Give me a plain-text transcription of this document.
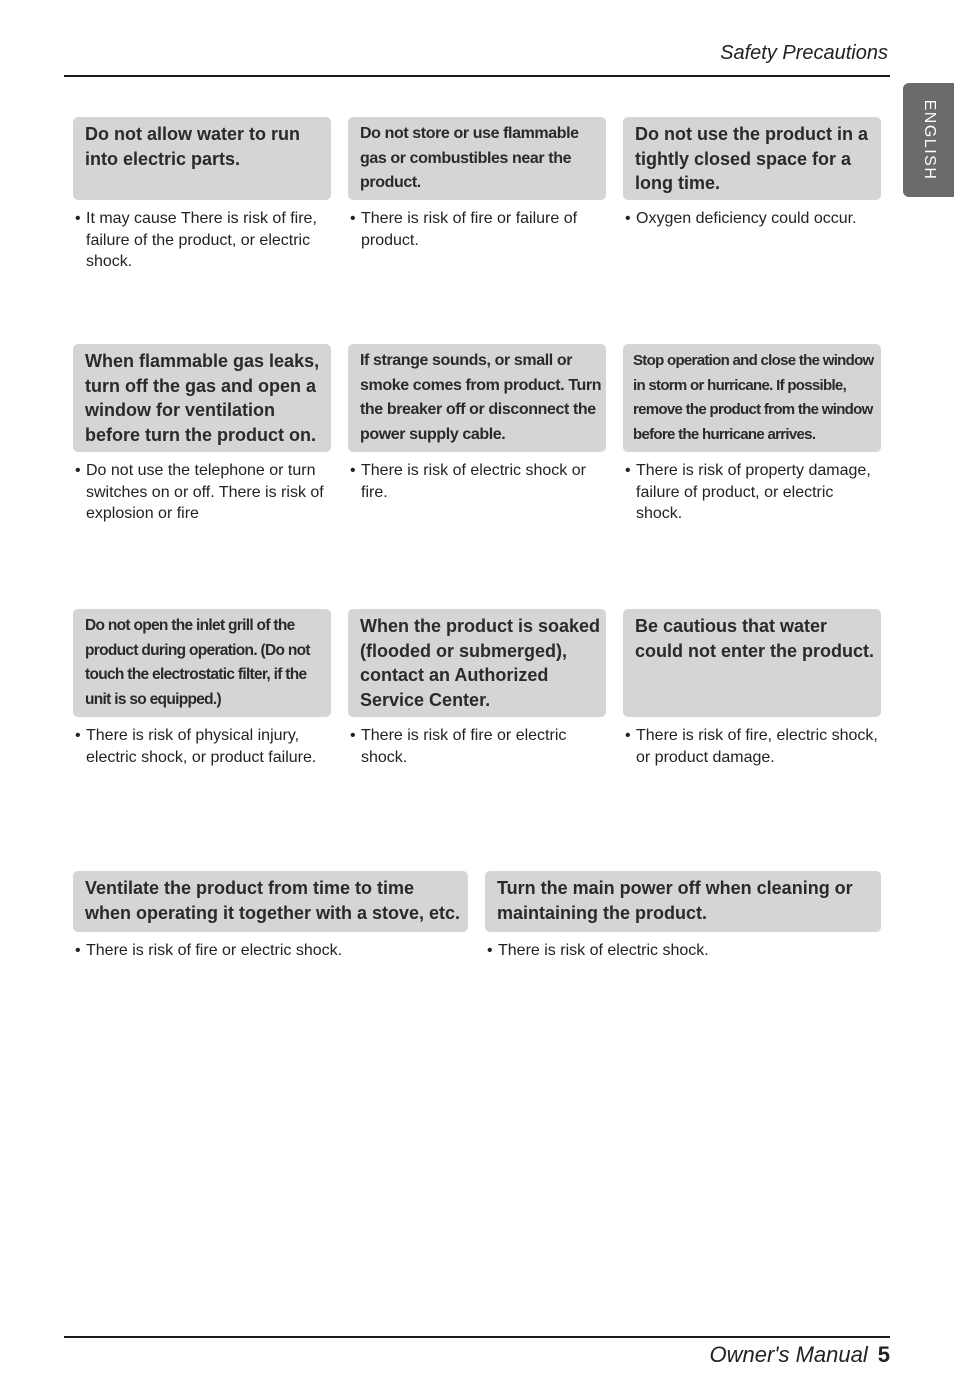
Safety Precautions
ENGLISH
Do not allow water to run into electric parts.
• It may cause There is risk of fire, failure of the product, or electric shock.
Do not store or use flammable gas or combustibles near the product.
• There is risk of fire or failure of product.
Do not use the product in a tightly closed space for a long time.
• Oxygen deficiency could occur.
When flammable gas leaks, turn off the gas and open a window for ventilation before turn the product on.
• Do not use the telephone or turn switches on or off. There is risk of explosion or fire
If strange sounds, or small or smoke comes from product. Turn the breaker off or disconnect the power supply cable.
• There is risk of electric shock or fire.
Stop operation and close the window in storm or hurricane. If possible, remove the product from the window before the hurricane arrives.
• There is risk of property damage, failure of product, or electric shock.
Do not open the inlet grill of the product during operation. (Do not touch the electrostatic filter, if the unit is so equipped.)
• There is risk of physical injury, electric shock, or product failure.
When the product is soaked (flooded or submerged), contact an Authorized Service Center.
• There is risk of fire or electric shock.
Be cautious that water could not enter the product.
• There is risk of fire, electric shock, or product damage.
Ventilate the product from time to time when operating it together with a stove, etc.
• There is risk of fire or electric shock.
Turn the main power off when cleaning or maintaining the product.
• There is risk of electric shock.
Owner's Manual 5
